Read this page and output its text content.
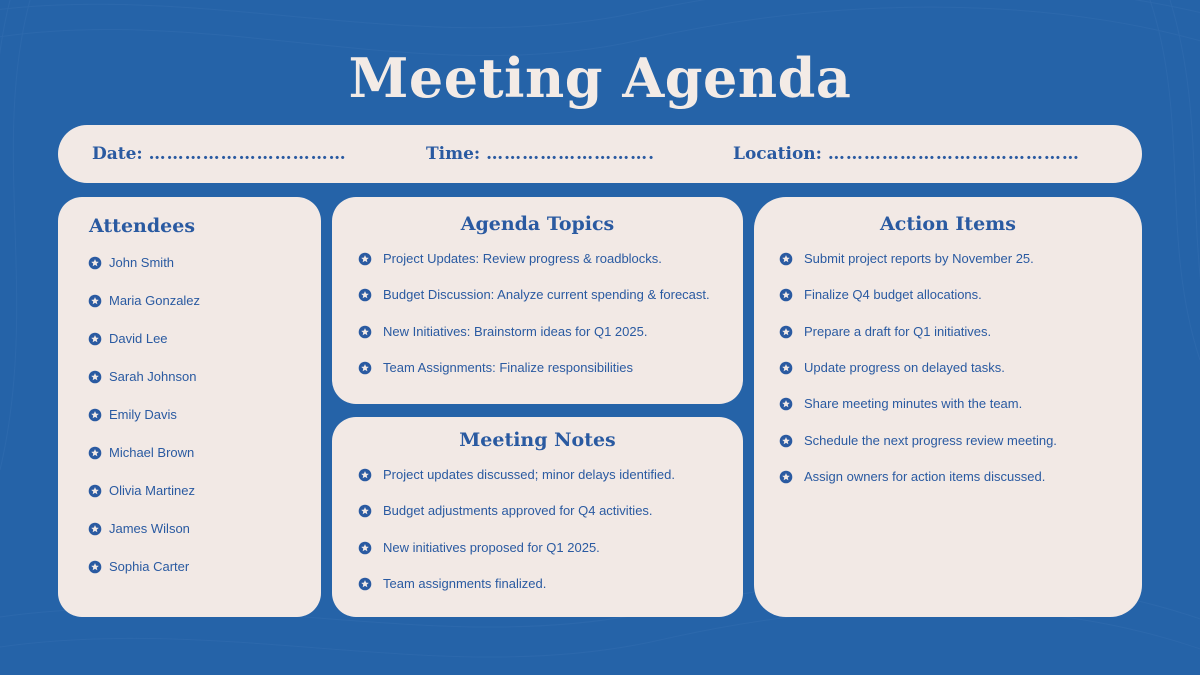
Meeting Agenda
Date: ……………………………	Time: ……………………….	Location: ……………………………………
Attendees
John Smith
Maria Gonzalez
David Lee
Sarah Johnson
Emily Davis
Michael Brown
Olivia Martinez
James Wilson
Sophia Carter
Agenda Topics
Project Updates: Review progress & roadblocks.
Budget Discussion: Analyze current spending & forecast.
New Initiatives: Brainstorm ideas for Q1 2025.
Team Assignments: Finalize responsibilities
Meeting Notes
Project updates discussed; minor delays identified.
Budget adjustments approved for Q4 activities.
New initiatives proposed for Q1 2025.
Team assignments finalized.
Action Items
Submit project reports by November 25.
Finalize Q4 budget allocations.
Prepare a draft for Q1 initiatives.
Update progress on delayed tasks.
Share meeting minutes with the team.
Schedule the next progress review meeting.
Assign owners for action items discussed.
